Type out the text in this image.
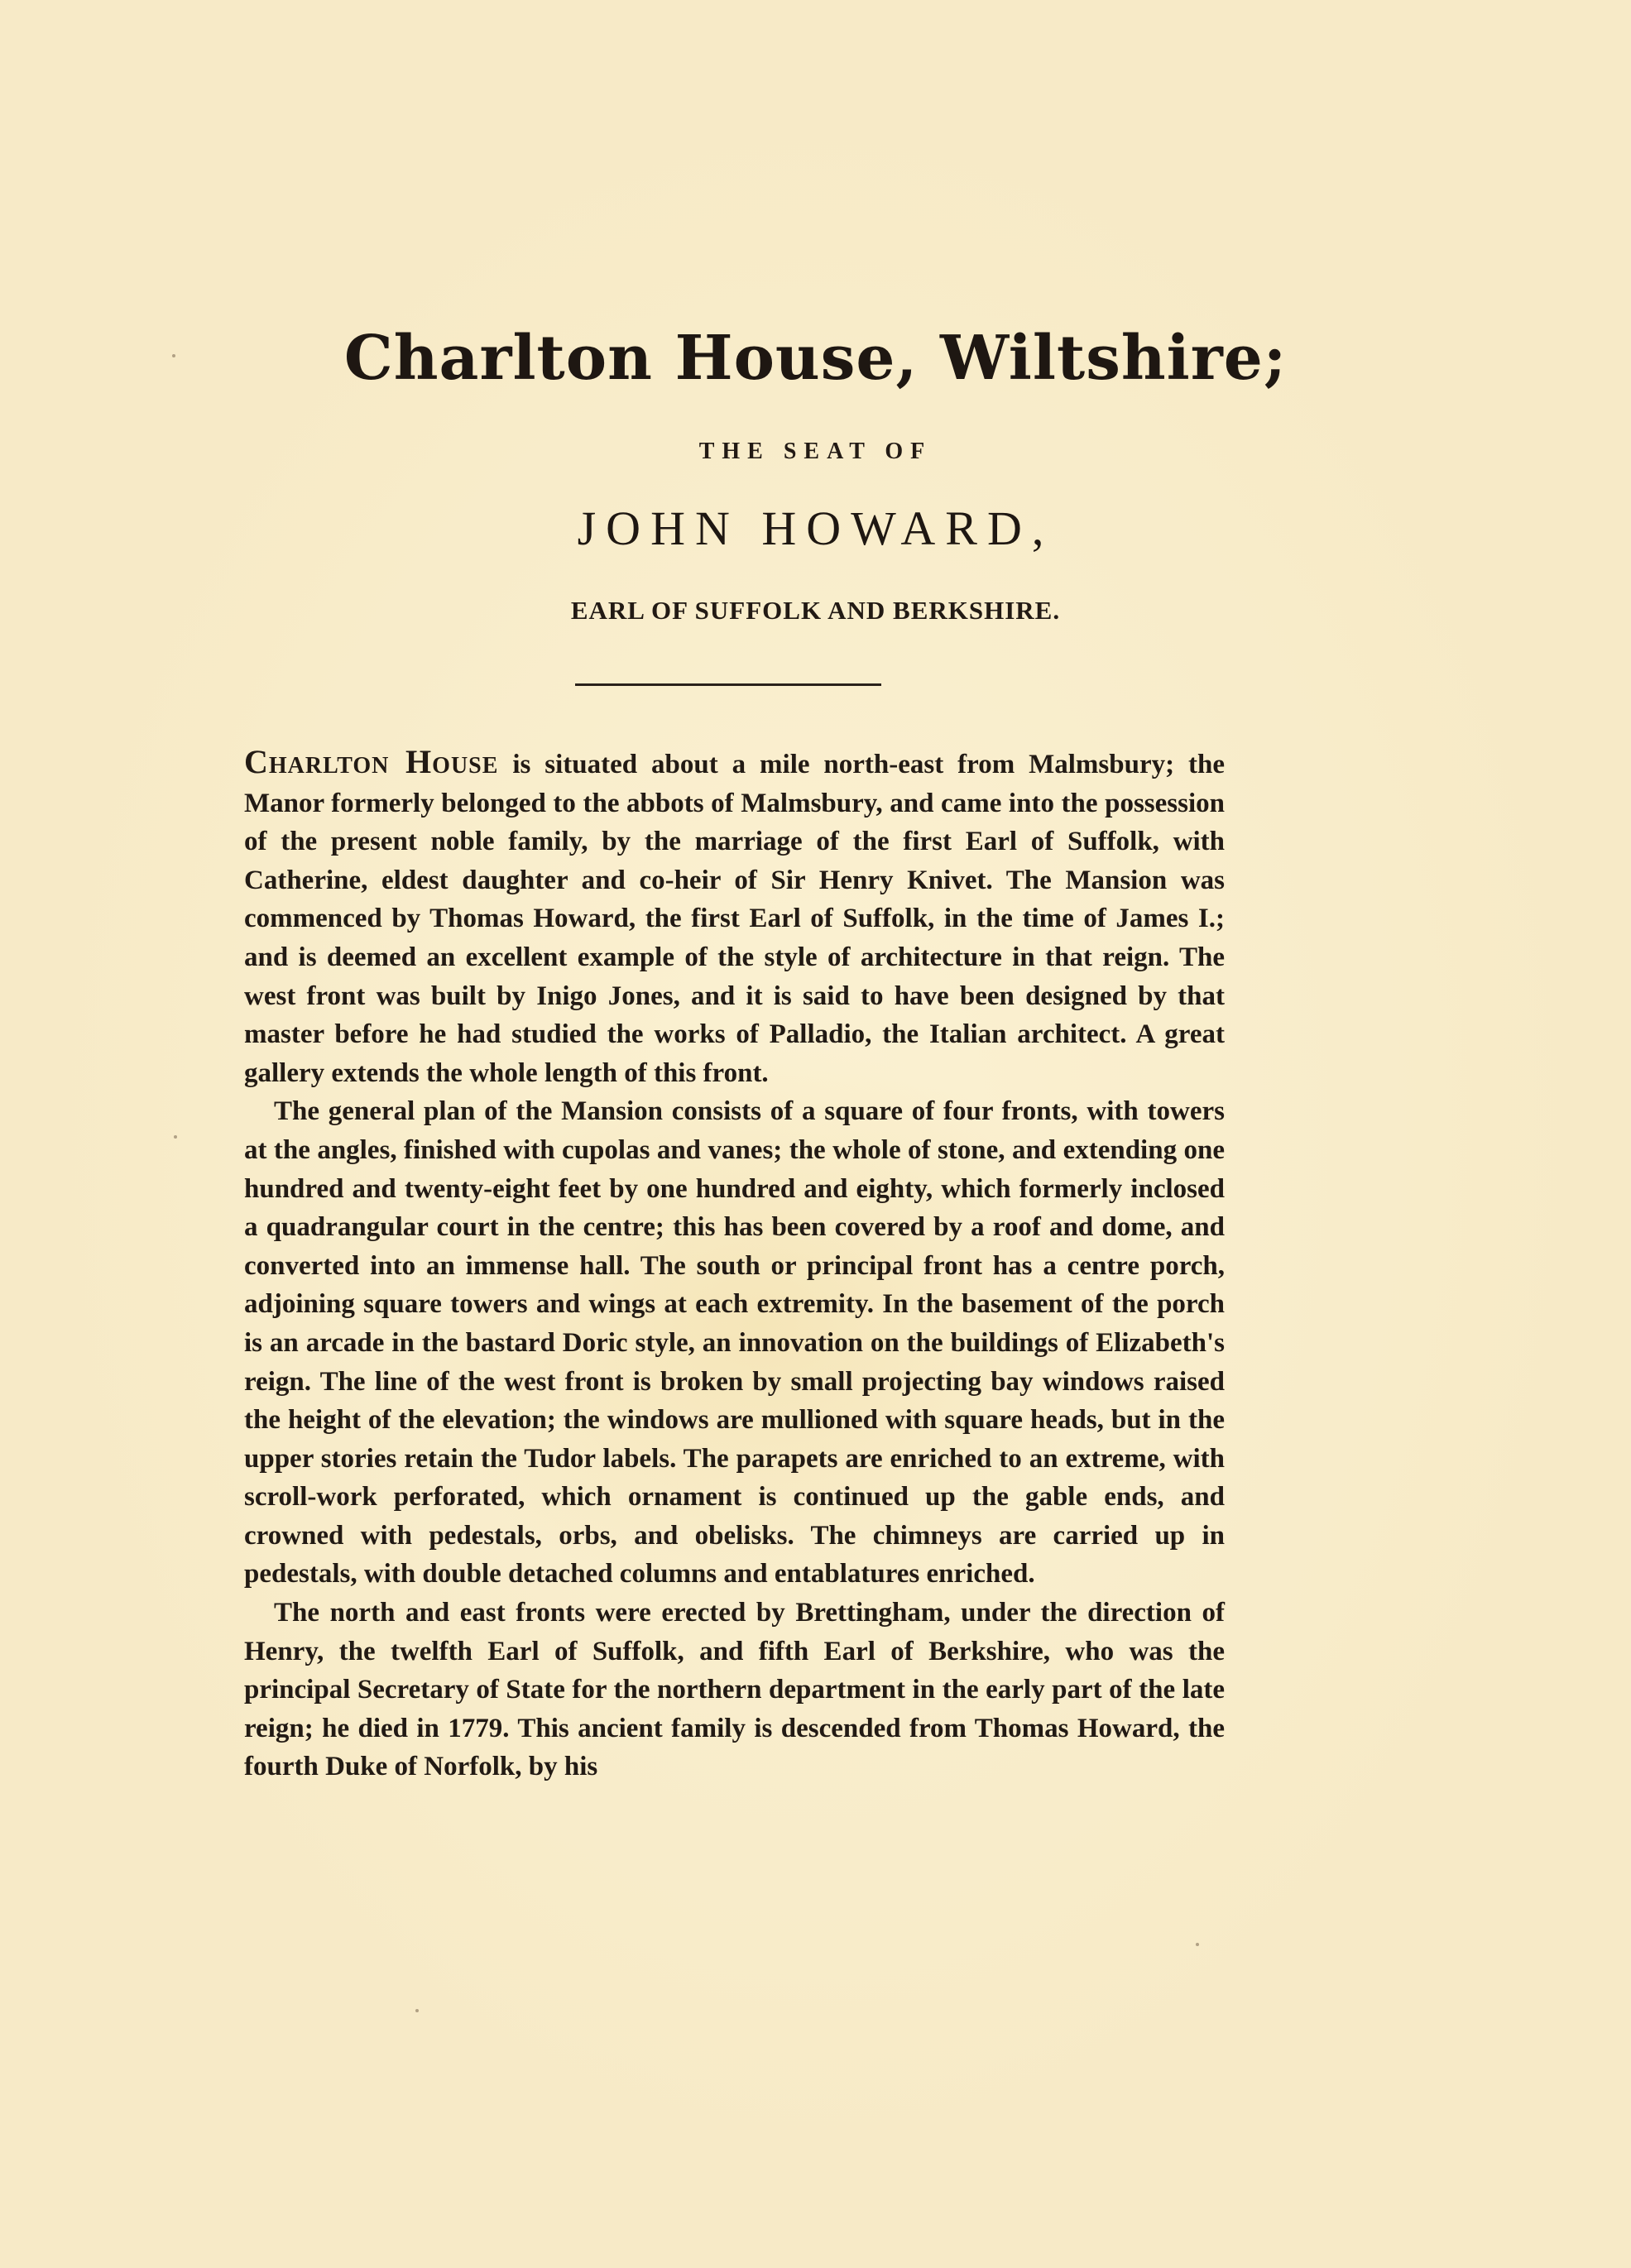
Charlton House, Wiltshire;
THE SEAT OF
JOHN HOWARD,
EARL OF SUFFOLK AND BERKSHIRE.

Charlton House is situated about a mile north-east from Malmsbury; the Manor formerly belonged to the abbots of Malmsbury, and came into the possession of the present noble family, by the marriage of the first Earl of Suffolk, with Catherine, eldest daughter and co-heir of Sir Henry Knivet. The Mansion was commenced by Thomas Howard, the first Earl of Suffolk, in the time of James I.; and is deemed an excellent example of the style of architecture in that reign. The west front was built by Inigo Jones, and it is said to have been designed by that master before he had studied the works of Palladio, the Italian architect. A great gallery extends the whole length of this front.

The general plan of the Mansion consists of a square of four fronts, with towers at the angles, finished with cupolas and vanes; the whole of stone, and extending one hundred and twenty-eight feet by one hundred and eighty, which formerly inclosed a quadrangular court in the centre; this has been covered by a roof and dome, and converted into an immense hall. The south or principal front has a centre porch, adjoining square towers and wings at each extremity. In the basement of the porch is an arcade in the bastard Doric style, an innovation on the buildings of Elizabeth's reign. The line of the west front is broken by small projecting bay windows raised the height of the elevation; the windows are mullioned with square heads, but in the upper stories retain the Tudor labels. The parapets are enriched to an extreme, with scroll-work perforated, which ornament is continued up the gable ends, and crowned with pedestals, orbs, and obelisks. The chimneys are carried up in pedestals, with double detached columns and entablatures enriched.

The north and east fronts were erected by Brettingham, under the direction of Henry, the twelfth Earl of Suffolk, and fifth Earl of Berkshire, who was the principal Secretary of State for the northern department in the early part of the late reign; he died in 1779. This ancient family is descended from Thomas Howard, the fourth Duke of Norfolk, by his
